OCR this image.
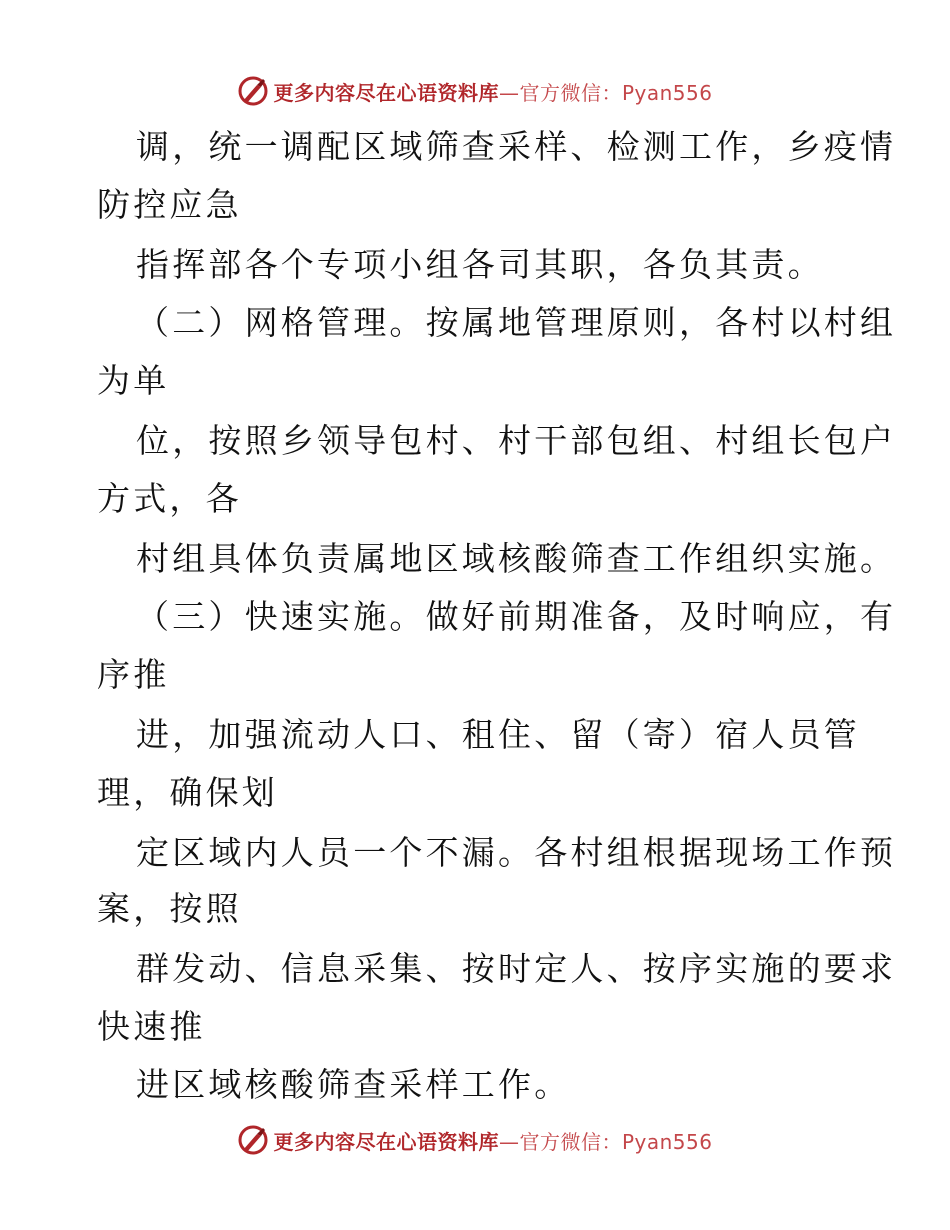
更多内容尽在心语资料库—官方微信：Pyan556
调，统一调配区域筛查采样、检测工作，乡疫情
防控应急
指挥部各个专项小组各司其职，各负其责。
（二）网格管理。按属地管理原则，各村以村组
为单
位，按照乡领导包村、村干部包组、村组长包户
方式，各
村组具体负责属地区域核酸筛查工作组织实施。
（三）快速实施。做好前期准备，及时响应，有
序推
进，加强流动人口、租住、留（寄）宿人员管
理，确保划
定区域内人员一个不漏。各村组根据现场工作预
案，按照
群发动、信息采集、按时定人、按序实施的要求
快速推
进区域核酸筛查采样工作。
更多内容尽在心语资料库—官方微信：Pyan556
